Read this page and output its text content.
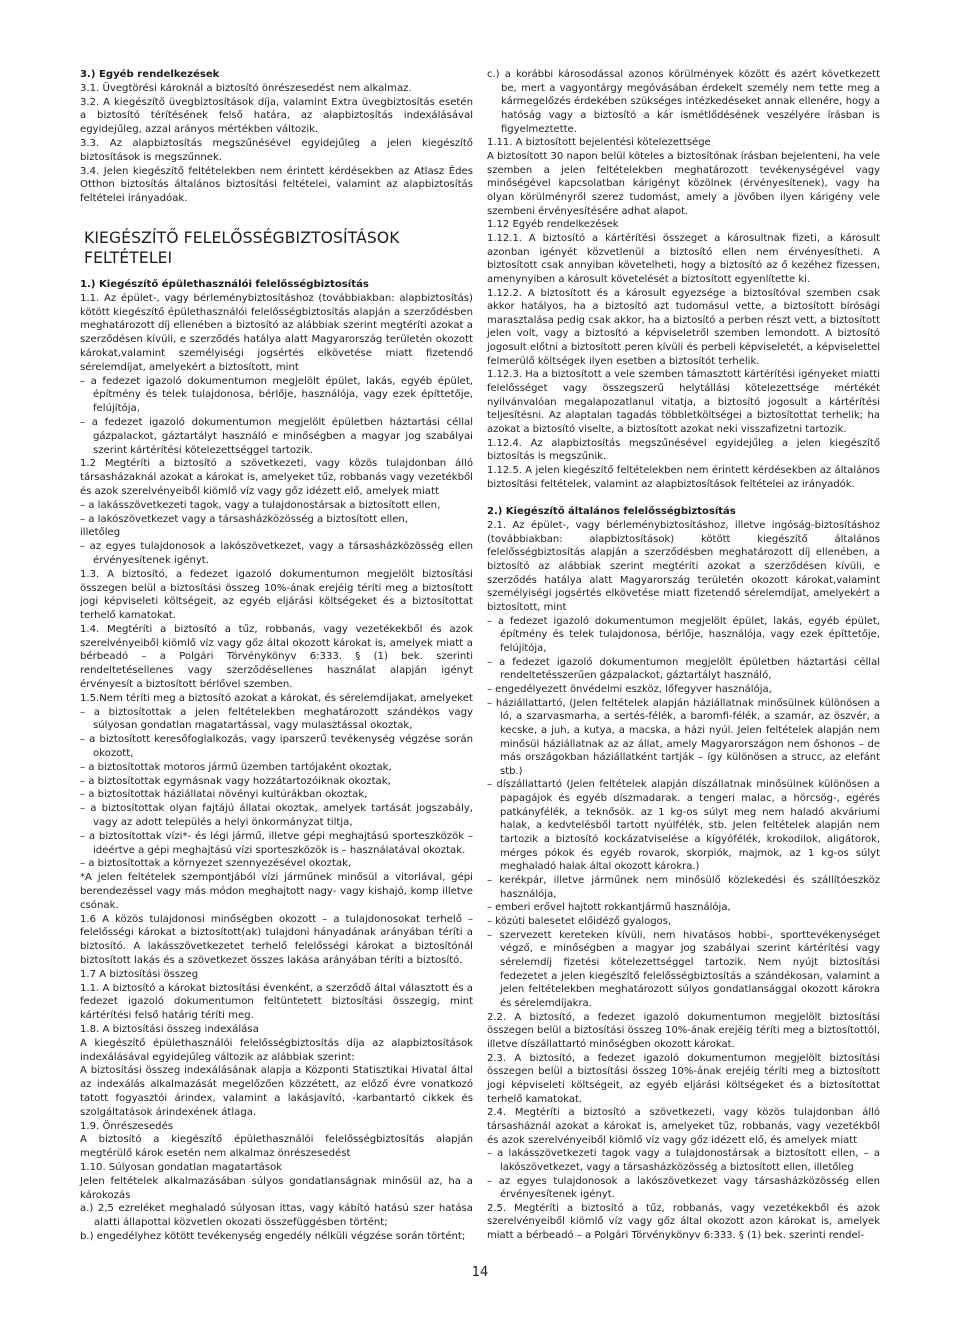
3.) Egyéb rendelkezések
3.1. Üvegtörési károknál a biztosító önrészesedést nem alkalmaz.
3.2. A kiegészítő üvegbiztosítások díja, valamint Extra üvegbiztosítás esetén a biztosító térítésének felső határa, az alapbiztosítás indexálásával egyidejűleg, azzal arányos mértékben változik.
3.3. Az alapbiztosítás megszűnésével egyidejűleg a jelen kiegészítő biztosítások is megszűnnek.
3.4. Jelen kiegészítő feltételekben nem érintett kérdésekben az Atlasz Édes Otthon biztosítás általános biztosítási feltételei, valamint az alapbiztosítás feltételei irányadóak.
KIEGÉSZÍTŐ FELELŐSSÉGBIZTOSÍTÁSOK FELTÉTELEI
1.) Kiegészítő épülethasználói felelősségbiztosítás
1.1. Az épület-, vagy bérleménybiztosításhoz (továbbiakban: alapbiztosítás) kötött kiegészítő épülethasználói felelősségbiztosítás alapján a szerződésben meghatározott díj ellenében a biztosító az alábbiak szerint megtéríti azokat a szerződésen kívüli, e szerződés hatálya alatt Magyarország területén okozott károkat,valamint személyiségi jogsértés elkövetése miatt fizetendő sérelemdíjat, amelyekért a biztosított, mint
– a fedezet igazoló dokumentumon megjelölt épület, lakás, egyéb épület, építmény és telek tulajdonosa, bérlője, használója, vagy ezek építtetője, felújítója,
– a fedezet igazoló dokumentumon megjelölt épületben háztartási céllal gázpalackot, gáztartályt használó e minőségben a magyar jog szabályai szerint kártérítési kötelezettséggel tartozik.
1.2 Megtéríti a biztosító a szövetkezeti, vagy közös tulajdonban álló társasházaknál azokat a károkat is, amelyeket tűz, robbanás vagy vezetékből és azok szerelvényeiből kiömlő víz vagy gőz idézett elő, amelyek miatt
– a lakásszövetkezeti tagok, vagy a tulajdonostársak a biztosított ellen,
– a lakószövetkezet vagy a társasházközösség a biztosított ellen,
illetőleg
– az egyes tulajdonosok a lakószövetkezet, vagy a társasházközösség ellen érvényesítenek igényt.
1.3. A biztosító, a fedezet igazoló dokumentumon megjelölt biztosítási összegen belül a biztosítási összeg 10%-ának erejéig téríti meg a biztosított jogi képviseleti költségeit, az egyéb eljárási költségeket és a biztosítottat terhelő kamatokat.
1.4. Megtéríti a biztosító a tűz, robbanás, vagy vezetékekből és azok szerelvényeiből kiömlő víz vagy gőz által okozott károkat is, amelyek miatt a bérbeadó – a Polgári Törvénykönyv 6:333. § (1) bek. szerinti rendeltetésellenes vagy szerződésellenes használat alapján igényt érvényesít a biztosított bérlővel szemben.
1.5.Nem téríti meg a biztosító azokat a károkat, és sérelemdíjakat, amelyeket
– a biztosítottak a jelen feltételekben meghatározott szándékos vagy súlyosan gondatlan magatartással, vagy mulasztással okoztak,
– a biztosított keresőfoglalkozás, vagy iparszerű tevékenység végzése során okozott,
– a biztosítottak motoros jármű üzemben tartójaként okoztak,
– a biztosítottak egymásnak vagy hozzátartozóiknak okoztak,
– a biztosítottak háziállatai növényi kultúrákban okoztak,
– a biztosítottak olyan fajtájú állatai okoztak, amelyek tartását jogszabály, vagy az adott település a helyi önkormányzat tiltja,
– a biztosítottak vízi*- és légi jármű, illetve gépi meghajtású sporteszközök – ideértve a gépi meghajtású vízi sporteszközök is – használatával okoztak.
– a biztosítottak a környezet szennyezésével okoztak,
*A jelen feltételek szempontjából vízi járműnek minősül a vitorlával, gépi berendezéssel vagy más módon meghajtott nagy- vagy kishajó, komp illetve csónak.
1.6 A közös tulajdonosi minőségben okozott – a tulajdonosokat terhelő – felelősségi károkat a biztosított(ak) tulajdoni hányadának arányában téríti a biztosító. A lakásszövetkezetet terhelő felelősségi károkat a biztosítónál biztosított lakás és a szövetkezet összes lakása arányában téríti a biztosító.
1.7 A biztosítási összeg
1.1. A biztosító a károkat biztosítási évenként, a szerződő által választott és a fedezet igazoló dokumentumon feltüntetett biztosítási összegig, mint kártérítési felső határig téríti meg.
1.8. A biztosítási összeg indexálása
A kiegészítő épülethasználói felelősségbiztosítás díja az alapbiztosítások indexálásával egyidejűleg változik az alábbiak szerint:
A biztosítási összeg indexálásának alapja a Központi Statisztikai Hivatal által az indexálás alkalmazását megelőzően közzétett, az előző évre vonatkozó tatott fogyasztói árindex, valamint a lakásjavító, -karbantartó cikkek és szolgáltatások árindexének átlaga.
1.9. Önrészesedés
A biztosító a kiegészítő épülethasználói felelősségbiztosítás alapján megtérülő károk esetén nem alkalmaz önrészesedést
1.10. Súlyosan gondatlan magatartások
Jelen feltételek alkalmazásában súlyos gondatlanságnak minősül az, ha a károkozás
a.) 2,5 ezreléket meghaladó súlyosan ittas, vagy kábító hatású szer hatása alatti állapottal közvetlen okozati összefüggésben történt;
b.) engedélyhez kötött tevékenység engedély nélküli végzése során történt;
c.) a korábbi károsodással azonos körülmények között és azért következett be, mert a vagyontárgy megóvásában érdekelt személy nem tette meg a kármegelőzés érdekében szükséges intézkedéseket annak ellenére, hogy a hatóság vagy a biztosító a kár ismétlődésének veszélyére írásban is figyelmeztette.
1.11. A biztosított bejelentési kötelezettsége
A biztosított 30 napon belül köteles a biztosítónak írásban bejelenteni, ha vele szemben a jelen feltételekben meghatározott tevékenységével vagy minőségével kapcsolatban kárigényt közölnek (érvényesítenek), vagy ha olyan körülményről szerez tudomást, amely a jövőben ilyen kárigény vele szembeni érvényesítésére adhat alapot.
1.12 Egyéb rendelkezések
1.12.1. A biztosító a kártérítési összeget a károsultnak fizeti, a károsult azonban igényét közvetlenül a biztosító ellen nem érvényesítheti. A biztosított csak annyiban követelheti, hogy a biztosító az ő kezéhez fizessen, amenynyiben a károsult követelését a biztosított egyenlítette ki.
1.12.2. A biztosított és a károsult egyezsége a biztosítóval szemben csak akkor hatályos, ha a biztosító azt tudomásul vette, a biztosított bírósági marasztalása pedig csak akkor, ha a biztosító a perben részt vett, a biztosított jelen volt, vagy a biztosító a képviseletről szemben lemondott. A biztosító jogosult előtni a biztosított peren kívüli és perbeli képviseletét, a képviselettel felmerülő költségek ilyen esetben a biztosítót terhelik.
1.12.3. Ha a biztosított a vele szemben támasztott kártérítési igényeket miatti felelősséget vagy összegszerű helytállási kötelezettsége mértékét nyilvánvalóan megalapozatlanul vitatja, a biztosító jogosult a kártérítési teljesítésni. Az alaptalan tagadás többletköltségei a biztosítottat terhelik; ha azokat a biztosító viselte, a biztosított azokat neki visszafizetni tartozik.
1.12.4. Az alapbiztosítás megszűnésével egyidejűleg a jelen kiegészítő biztosítás is megszűnik.
1.12.5. A jelen kiegészítő feltételekben nem érintett kérdésekben az általános biztosítási feltételek, valamint az alapbiztosítások feltételei az irányadók.
2.) Kiegészítő általános felelősségbiztosítás
2.1. Az épület-, vagy bérleménybiztosításhoz, illetve ingóság-biztosításhoz (továbbiakban: alapbiztosítások) kötött kiegészítő általános felelősségbiztosítás alapján a szerződésben meghatározott díj ellenében, a biztosító az alábbiak szerint megtéríti azokat a szerződésen kívüli, e szerződés hatálya alatt Magyarország területén okozott károkat,valamint személyiségi jogsértés elkövetése miatt fizetendő sérelemdíjat, amelyekért a biztosított, mint
– a fedezet igazoló dokumentumon megjelölt épület, lakás, egyéb épület, építmény és telek tulajdonosa, bérlője, használója, vagy ezek építtetője, felújítója,
– a fedezet igazoló dokumentumon megjelölt épületben háztartási céllal rendeltetésszerűen gázpalackot, gáztartályt használó,
– engedélyezett önvédelmi eszköz, lőfegyver használója,
– háziállattartó, (Jelen feltételek alapján háziállatnak minősülnek különösen a ló, a szarvasmarha, a sertés-félék, a baromfi-félék, a szamár, az öszvér, a kecske, a juh, a kutya, a macska, a házi nyúl. Jelen feltételek alapján nem minősül háziállatnak az az állat, amely Magyarországon nem őshonos – de más országokban háziállatként tartják – így különösen a strucc, az elefánt stb.)
– díszállattartó (Jelen feltételek alapján díszállatnak minősülnek különösen a papagájok és egyéb díszmadarak. a tengeri malac, a hörcsög-, egérés patkányfélék, a teknősök. az 1 kg-os súlyt meg nem haladó akváriumi halak, a kedvtelésből tartott nyúlfélék, stb. Jelen feltételek alapján nem tartozik a biztosító kockázatviselése a kígyófélék, krokodilok, aligátorok, mérges pókok és egyéb rovarok, skorpiók, majmok, az 1 kg-os súlyt meghaladó halak által okozott károkra.)
– kerékpár, illetve járműnek nem minősülő közlekedési és szállítóeszköz használója,
– emberi erővel hajtott rokkantjármű használója,
– közúti balesetet előidéző gyalogos,
– szervezett kereteken kívüli, nem hivatásos hobbi-, sporttevékenységet végző, e minőségben a magyar jog szabályai szerint kártérítési vagy sérelemdíj fizetési kötelezettséggel tartozik. Nem nyújt biztosítási fedezetet a jelen kiegészítő felelősségbiztosítás a szándékosan, valamint a jelen feltételekben meghatározott súlyos gondatlansággal okozott károkra és sérelemdíjakra.
2.2. A biztosító, a fedezet igazoló dokumentumon megjelölt biztosítási összegen belül a biztosítási összeg 10%-ának erejéig téríti meg a biztosítottól, illetve díszállattartó minőségben okozott károkat.
2.3. A biztosító, a fedezet igazoló dokumentumon megjelölt biztosítási összegen belül a biztosítási összeg 10%-ának erejéig téríti meg a biztosított jogi képviseleti költségeit, az egyéb eljárási költségeket és a biztosítottat terhelő kamatokat.
2.4. Megtéríti a biztosító a szövetkezeti, vagy közös tulajdonban álló társasháznál azokat a károkat is, amelyeket tűz, robbanás, vagy vezetékből és azok szerelvényeiből kiömlő víz vagy gőz idézett elő, és amelyek miatt
– a lakásszövetkezeti tagok vagy a tulajdonostársak a biztosított ellen, – a lakószövetkezet, vagy a társasházközösség a biztosított ellen, illetőleg
– az egyes tulajdonosok a lakószövetkezet vagy társasházközösség ellen érvényesítenek igényt.
2.5. Megtéríti a biztosító a tűz, robbanás, vagy vezetékekből és azok szerelvényeiből kiömlő víz vagy gőz által okozott azon károkat is, amelyek miatt a bérbeadó – a Polgári Törvénykönyv 6:333. § (1) bek. szerinti rendel-
14
